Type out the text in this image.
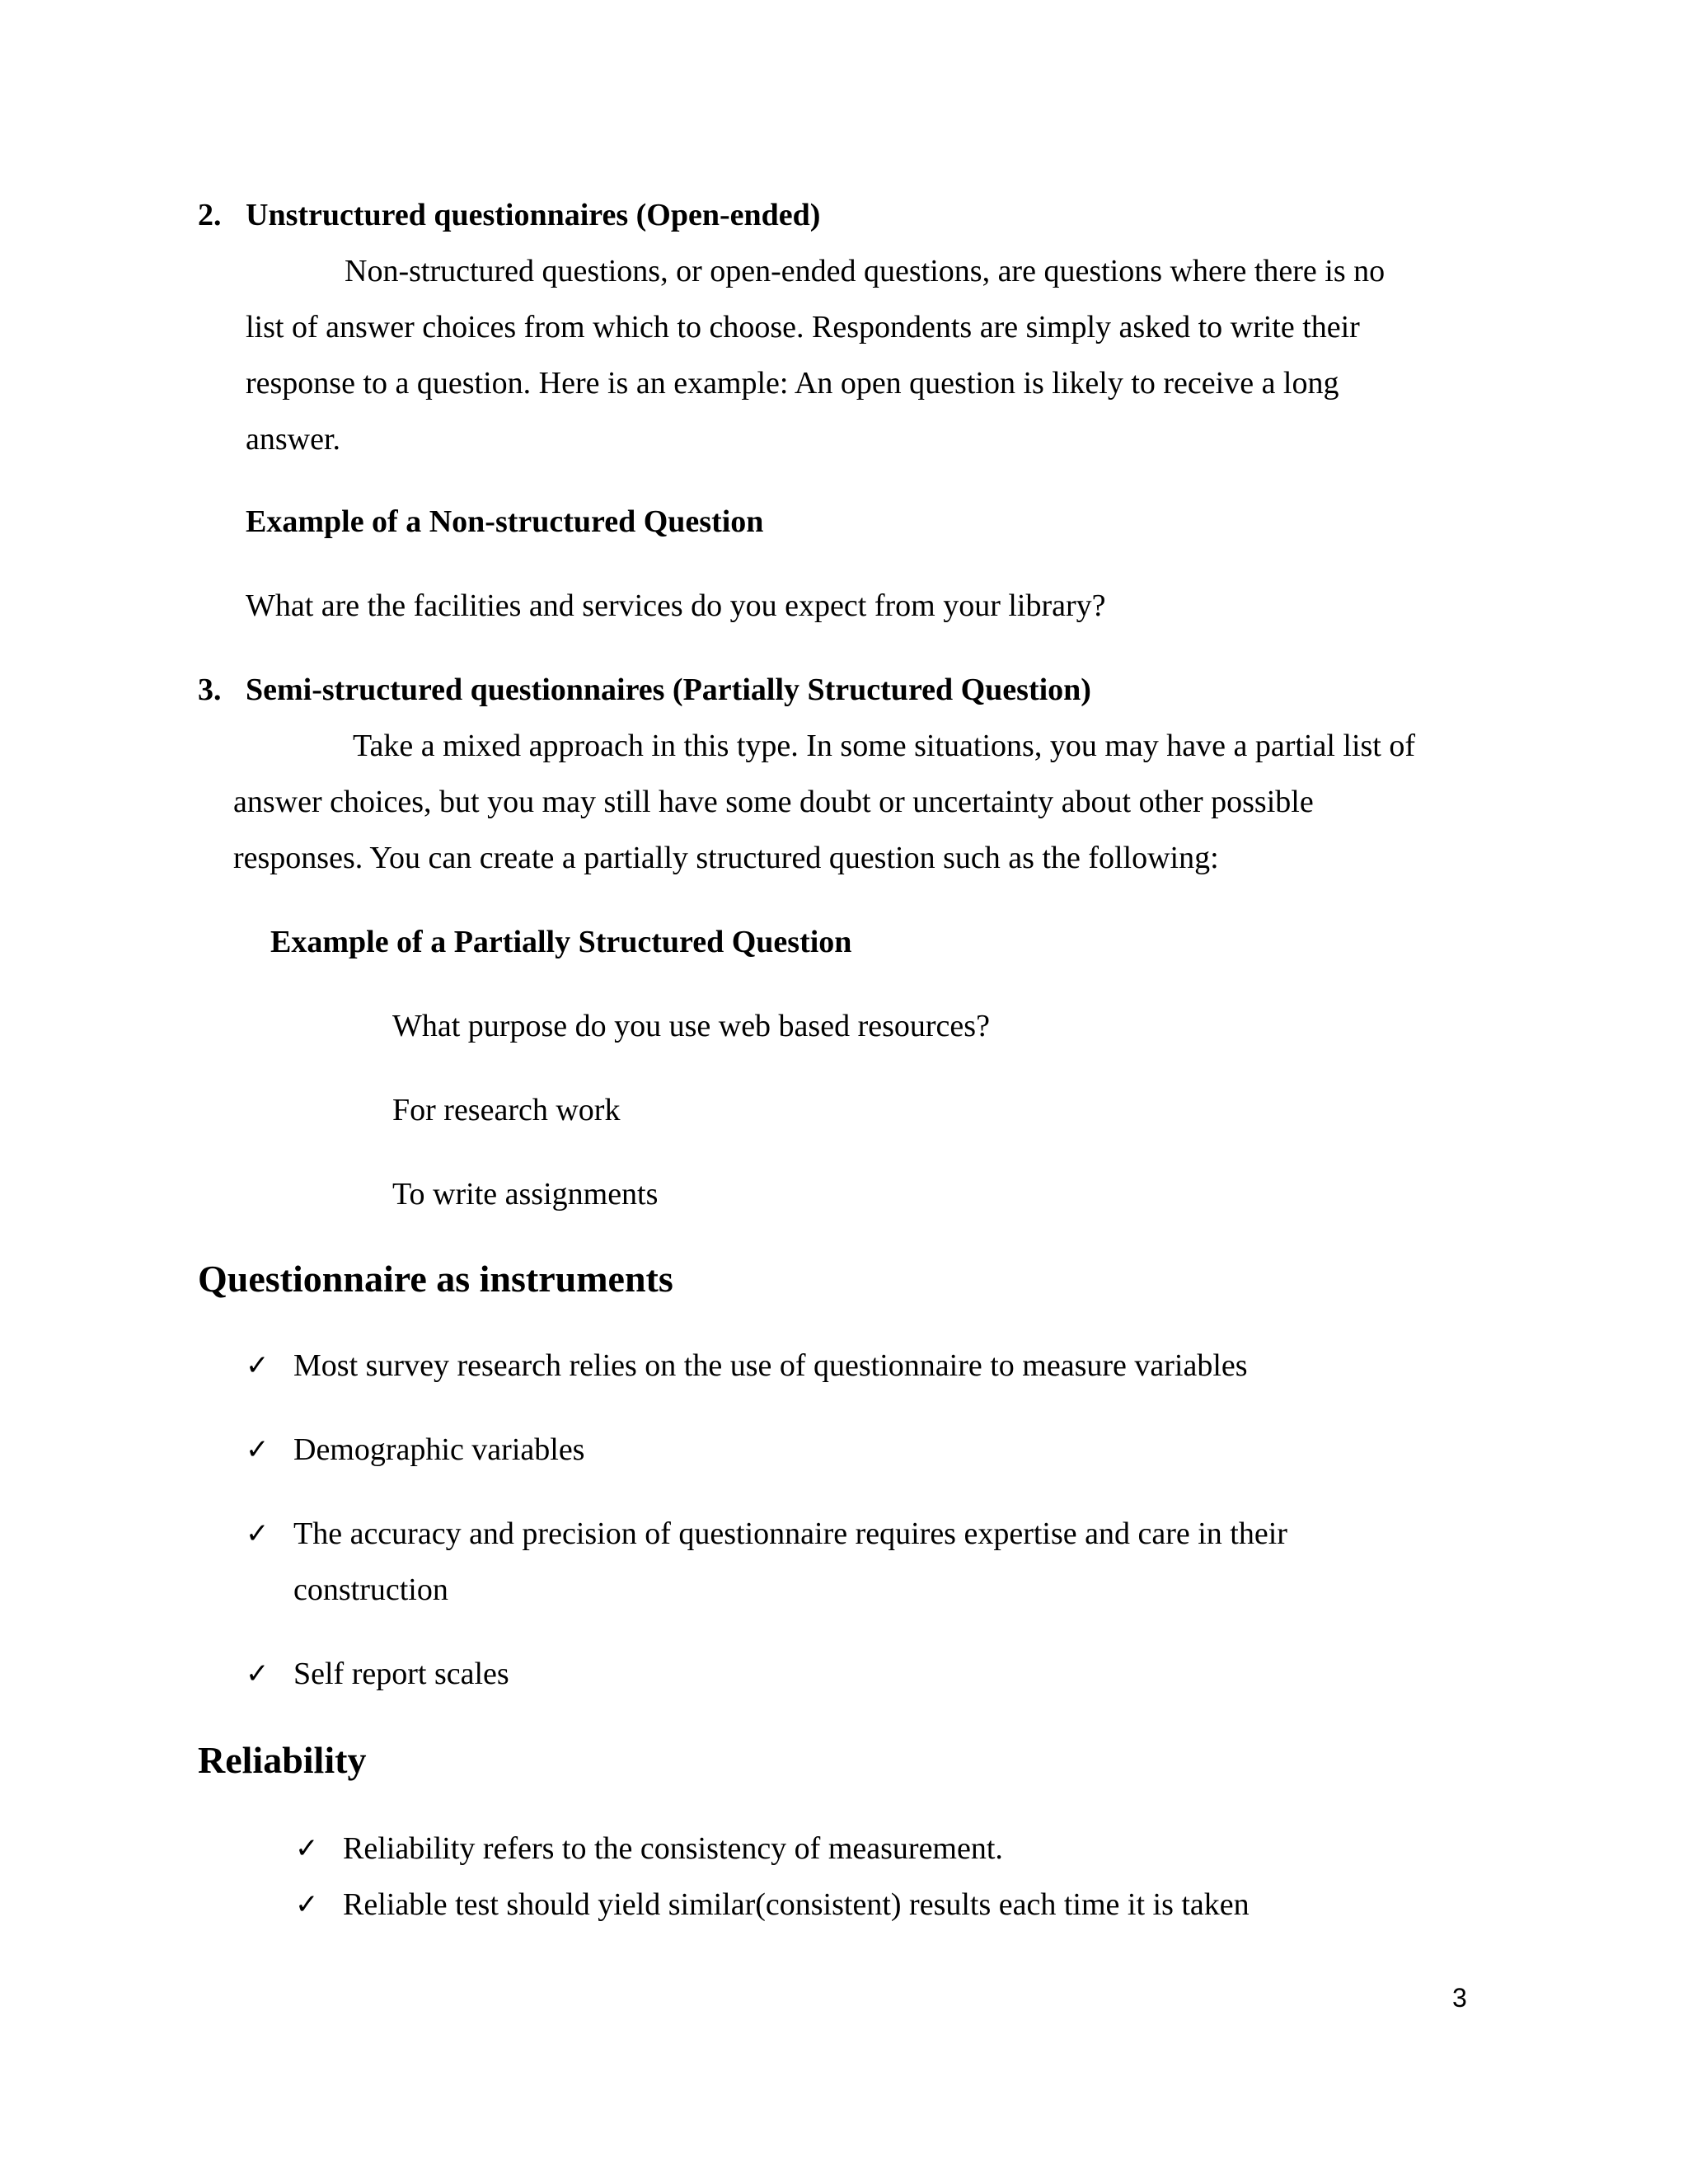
2. Unstructured questionnaires (Open-ended)
Non-structured questions, or open-ended questions, are questions where there is no
list of answer choices from which to choose. Respondents are simply asked to write their
response to a question. Here is an example: An open question is likely to receive a long
answer.
Example of a Non-structured Question
What are the facilities and services do you expect from your library?
3. Semi-structured questionnaires (Partially Structured Question)
Take a mixed approach in this type. In some situations, you may have a partial list of
answer choices, but you may still have some doubt or uncertainty about other possible
responses. You can create a partially structured question such as the following:
Example of a Partially Structured Question
What purpose do you use web based resources?
For research work
To write assignments
Questionnaire as instruments
✓ Most survey research relies on the use of questionnaire to measure variables
✓ Demographic variables
✓ The accuracy and precision of questionnaire requires expertise and care in their
construction
✓ Self report scales
Reliability
✓ Reliability refers to the consistency of measurement.
✓ Reliable test should yield similar(consistent) results each time it is taken
3
